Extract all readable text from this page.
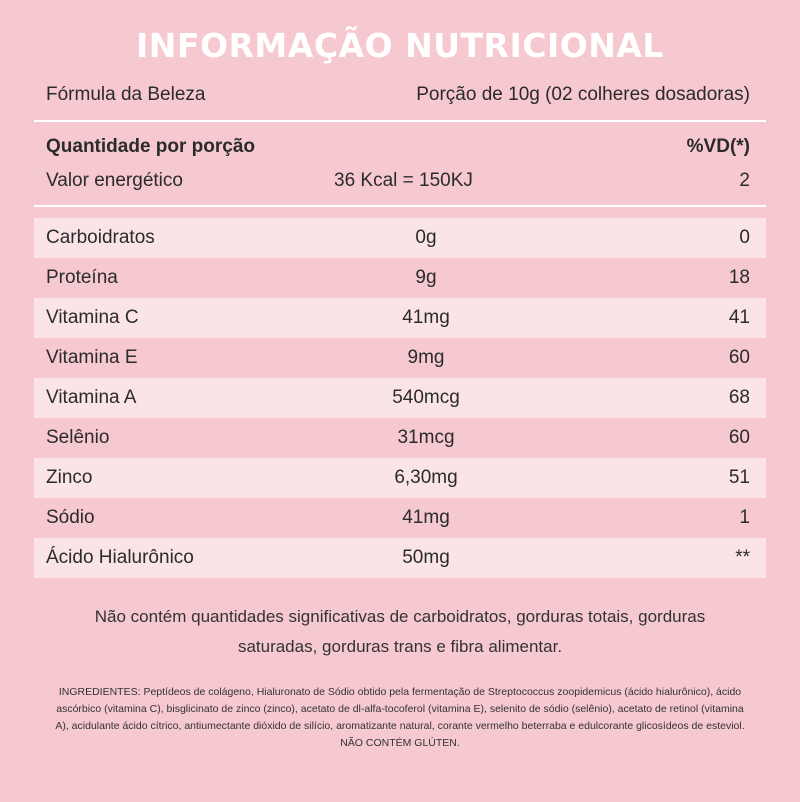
INFORMAÇÃO NUTRICIONAL
Fórmula da Beleza	Porção de 10g (02 colheres dosadoras)
Quantidade por porção	%VD(*)
Valor energético	36 Kcal = 150KJ	2
Carboidratos	0g	0
Proteína	9g	18
Vitamina C	41mg	41
Vitamina E	9mg	60
Vitamina A	540mcg	68
Selênio	31mcg	60
Zinco	6,30mg	51
Sódio	41mg	1
Ácido Hialurônico	50mg	**
Não contém quantidades significativas de carboidratos, gorduras totais, gorduras saturadas, gorduras trans e fibra alimentar.
INGREDIENTES: Peptídeos de colágeno, Hialuronato de Sódio obtido pela fermentação de Streptococcus zoopidemicus (ácido hialurônico), ácido ascórbico (vitamina C), bisglicinato de zinco (zinco), acetato de dl-alfa-tocoferol (vitamina E), selenito de sódio (selênio), acetato de retinol (vitamina A), acidulante ácido cítrico, antiumectante dióxido de silício, aromatizante natural, corante vermelho beterraba e edulcorante glicosídeos de esteviol. NÃO CONTÉM GLÚTEN.
